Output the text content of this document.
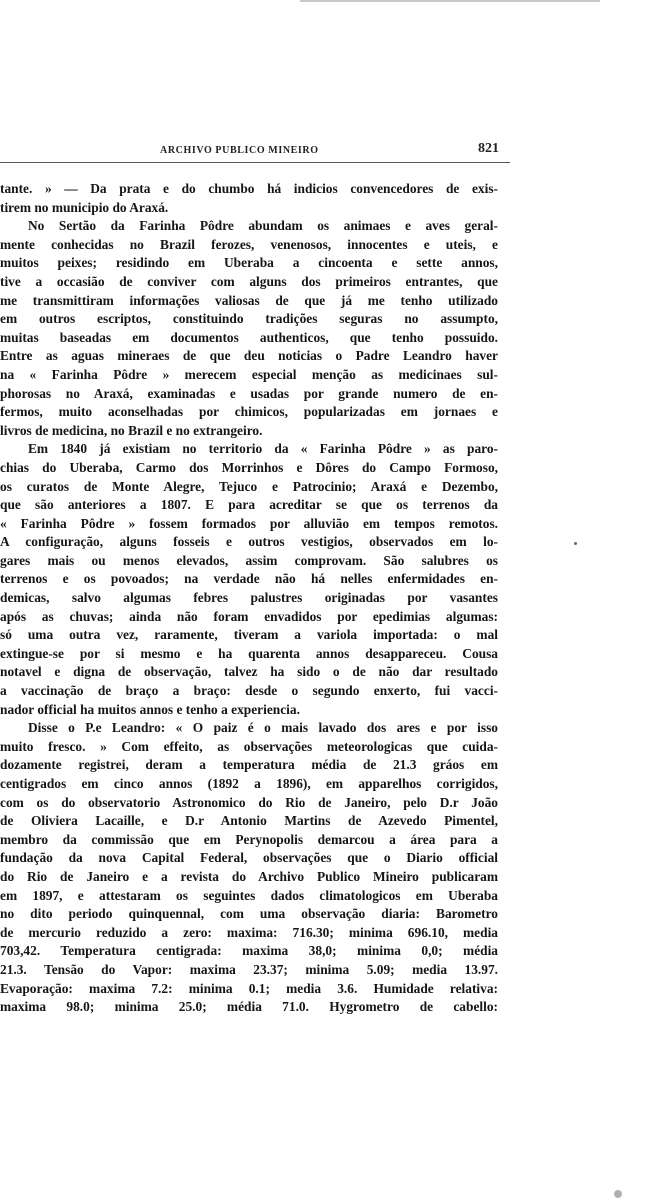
ARCHIVO PUBLICO MINEIRO	821
tante. » — Da prata e do chumbo há indicios convencedores de exis-
tirem no municipio do Araxá.
No Sertão da Farinha Pôdre abundam os animaes e aves geral-
mente conhecidas no Brazil ferozes, venenosos, innocentes e uteis, e
muitos peixes; residindo em Uberaba a cincoenta e sette annos,
tive a occasião de conviver com alguns dos primeiros entrantes, que
me transmittiram informações valiosas de que já me tenho utilizado
em outros escriptos, constituindo tradições seguras no assumpto,
muitas baseadas em documentos authenticos, que tenho possuido.
Entre as aguas mineraes de que deu noticias o Padre Leandro haver
na « Farinha Pôdre » merecem especial menção as medicinaes sul-
phorosas no Araxá, examinadas e usadas por grande numero de en-
fermos, muito aconselhadas por chimicos, popularizadas em jornaes e
livros de medicina, no Brazil e no extrangeiro.
Em 1840 já existiam no territorio da « Farinha Pôdre » as paro-
chias do Uberaba, Carmo dos Morrinhos e Dôres do Campo Formoso,
os curatos de Monte Alegre, Tejuco e Patrocinio; Araxá e Dezembo,
que são anteriores a 1807. E para acreditar se que os terrenos da
« Farinha Pôdre » fossem formados por alluvião em tempos remotos.
A configuração, alguns fosseis e outros vestigios, observados em lo-
gares mais ou menos elevados, assim comprovam. São salubres os
terrenos e os povoados; na verdade não há nelles enfermidades en-
demicas, salvo algumas febres palustres originadas por vasantes
após as chuvas; ainda não foram envadidos por epedimias algumas:
só uma outra vez, raramente, tiveram a variola importada: o mal
extingue-se por si mesmo e ha quarenta annos desappareceu. Cousa
notavel e digna de observação, talvez ha sido o de não dar resultado
a vaccinação de braço a braço: desde o segundo enxerto, fui vacci-
nador official ha muitos annos e tenho a experiencia.
Disse o P.e Leandro: « O paiz é o mais lavado dos ares e por isso
muito fresco. » Com effeito, as observações meteorologicas que cuida-
dozamente registrei, deram a temperatura média de 21.3 gráos em
centigrados em cinco annos (1892 a 1896), em apparelhos corrigidos,
com os do observatorio Astronomico do Rio de Janeiro, pelo D.r João
de Oliviera Lacaille, e D.r Antonio Martins de Azevedo Pimentel,
membro da commissão que em Perynopolis demarcou a área para a
fundação da nova Capital Federal, observações que o Diario official
do Rio de Janeiro e a revista do Archivo Publico Mineiro publicaram
em 1897, e attestaram os seguintes dados climatologicos em Uberaba
no dito periodo quinquennal, com uma observação diaria: Barometro
de mercurio reduzido a zero: maxima: 716.30; minima 696.10, media
703,42. Temperatura centigrada: maxima 38,0; minima 0,0; média
21.3. Tensão do Vapor: maxima 23.37; minima 5.09; media 13.97.
Evaporação: maxima 7.2: minima 0.1; media 3.6. Humidade relativa:
maxima 98.0; minima 25.0; média 71.0. Hygrometro de cabello:
